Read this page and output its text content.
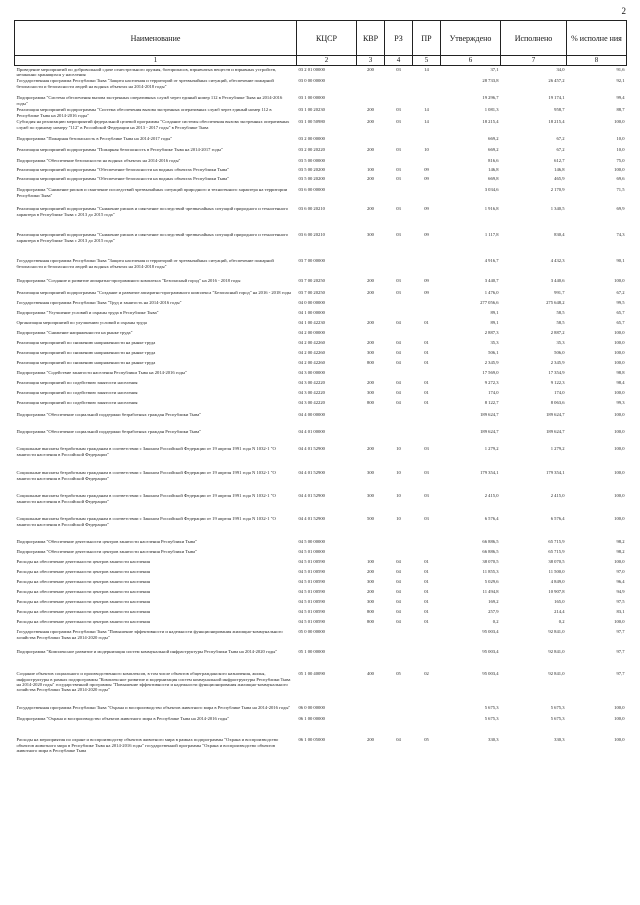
2
Наименование	КЦСР	КВР	РЗ	ПР	Утверждено	Исполнено	% исполне ния
1	2	3	4	5	6	7	8
Проведение мероприятий по добровольной сдаче огнестрельного оружия, боеприпасов, взрывчатых веществ и взрывных устройств, незаконно хранящихся у населения	03 2 01 00000	200	03	14	37,1	34,0	91,6
Государственная программа Республики Тыва "Защита населения и территорий от чрезвычайных ситуаций, обеспечение пожарной безопасности и безопасности людей на водных объектах на 2014-2018 годы"	03 0 00 00000				28 733,8	26 457,2	92,1
Подпрограмма "Система обеспечения вызова экстренных оперативных служб через единый номер 112 в Республике Тыва на 2014-2016 годы"	03 1 00 00000				19 296,7	19 174,1	99,4
Реализация мероприятий подпрограммы "Система обеспечения вызова экстренных оперативных служб через единый номер 112 в Республике Тыва на 2014-2016 годы"	03 1 00 20230	200	03	14	1 081,3	958,7	88,7
Субсидия на реализацию мероприятий федеральной целевой программы "Создание системы обеспечения вызова экстренных оперативных служб по единому номеру "112" в Российской Федерации на 2013 - 2017 годы" в Республике Тыва	03 1 00 50980	200	03	14	18 215,4	18 215,4	100,0
Подпрограмма "Пожарная безопасность в Республике Тыва на 2014-2017 годы"	03 2 00 00000				669,2	67,2	10,0
Реализация мероприятий подпрограммы "Пожарная безопасность в Республике Тыва на 2014-2017 годы"	03 2 00 20220	200	03	10	669,2	67,2	10,0
Подпрограмма "Обеспечение безопасности на водных объектах на 2014-2016 годы"	03 5 00 00000				816,6	612,7	75,0
Реализация мероприятий подпрограммы "Обеспечение безопасности на водных объектах Республики Тыва"	03 5 00 20200	100	03	09	146,8	146,8	100,0
Реализация мероприятий подпрограммы "Обеспечение безопасности на водных объектах Республики Тыва"	03 5 00 20200	200	03	09	669,8	465,9	69,6
Подпрограмма "Снижение рисков и смягчение последствий чрезвычайных ситуаций природного и техногенного характера на территории Республики Тыва"	03 6 00 00000				3 034,6	2 170,9	71,5
Реализация мероприятий подпрограммы "Снижение рисков и смягчение последствий чрезвычайных ситуаций природного и техногенного характера в Республике Тыва с 2013 до 2015 года"	03 6 00 20210	200	03	09	1 916,8	1 340,5	69,9
Реализация мероприятий подпрограммы "Снижение рисков и смягчение последствий чрезвычайных ситуаций природного и техногенного характера в Республике Тыва с 2013 до 2015 года"	03 6 00 20210	300	03	09	1 117,8	830,4	74,3
Государственная программа Республики Тыва "Защита населения и территорий от чрезвычайных ситуаций, обеспечение пожарной безопасности и безопасности людей на водных объектах на 2014-2018 годы"	03 7 00 00000				4 916,7	4 432,3	90,1
Подпрограмма "Создание и развитие аппаратно-программного комплекса "Безопасный город" на 2016 - 2018 годы	03 7 00 20250	200	03	09	3 440,7	3 440,6	100,0
Реализация мероприятий подпрограммы "Создание и развитие аппаратно-программного комплекса "Безопасный город" на 2016 - 2018 годы	03 7 00 20250	200	03	09	1 476,0	991,7	67,2
Государственная программа Республики Тыва "Труд и занятость на 2014-2016 годы"	04 0 00 00000				277 056,6	275 648,2	99,5
Подпрограмма "Улучшение условий и охраны труда в Республике Тыва"	04 1 00 00000				89,1	58,5	65,7
Организация мероприятий по улучшению условий и охраны труда	04 1 00 42230	200	04	01	89,1	58,5	65,7
Подпрограмма "Снижение напряженности на рынке труда"	04 2 00 00000				2 887,3	2 887,2	100,0
Реализация мероприятий по снижению напряженности на рынке труда	04 2 00 42260	200	04	01	35,3	35,3	100,0
Реализация мероприятий по снижению напряженности на рынке труда	04 2 00 42260	300	04	01	506,1	506,0	100,0
Реализация мероприятий по снижению напряженности на рынке труда	04 2 00 42260	800	04	01	2 345,9	2 345,9	100,0
Подпрограмма "Содействие занятости населения Республики Тыва на 2014-2016 годы"	04 3 00 00000				17 569,0	17 354,9	98,8
Реализация мероприятий по содействию занятости населения	04 3 00 42220	200	04	01	9 272,3	9 122,3	98,4
Реализация мероприятий по содействию занятости населения	04 3 00 42220	300	04	01	174,0	174,0	100,0
Реализация мероприятий по содействию занятости населения	04 3 00 42220	800	04	01	8 122,7	8 063,6	99,3
Подпрограмма "Обеспечение социальной поддержки безработных граждан Республики Тыва"	04 4 00 00000				189 624,7	189 624,7	100,0
Подпрограмма "Обеспечение социальной поддержки безработных граждан Республики Тыва"	04 4 01 00000				189 624,7	189 624,7	100,0
Социальные выплаты безработным гражданам в соответствии с Законом Российской Федерации от 19 апреля 1991 года N 1032-1 "О занятости населения в Российской Федерации"	04 4 01 52900	200	10	03	1 279,2	1 279,2	100,0
Социальные выплаты безработным гражданам в соответствии с Законом Российской Федерации от 19 апреля 1991 года N 1032-1 "О занятости населения в Российской Федерации"	04 4 01 52900	300	10	03	179 354,1	179 354,1	100,0
Социальные выплаты безработным гражданам в соответствии с Законом Российской Федерации от 19 апреля 1991 года N 1032-1 "О занятости населения в Российской Федерации"	04 4 01 52900	300	10	03	2 415,0	2 415,0	100,0
Социальные выплаты безработным гражданам в соответствии с Законом Российской Федерации от 19 апреля 1991 года N 1032-1 "О занятости населения в Российской Федерации"	04 4 01 52900	500	10	03	6 576,4	6 576,4	100,0
Подпрограмма "Обеспечение деятельности центров занятости населения Республики Тыва"	04 5 00 00000				66 886,5	65 715,9	98,2
Подпрограмма "Обеспечение деятельности центров занятости населения Республики Тыва"	04 5 01 00000				66 886,5	65 715,9	98,2
Расходы на обеспечение деятельности центров занятости населения	04 5 01 00590	100	04	01	38 070,5	38 070,5	100,0
Расходы на обеспечение деятельности центров занятости населения	04 5 01 00590	200	04	01	11 855,3	11 500,0	97,0
Расходы на обеспечение деятельности центров занятости населения	04 5 01 00590	300	04	01	5 029,6	4 849,0	96,4
Расходы на обеспечение деятельности центров занятости населения	04 5 01 00590	200	04	01	11 494,8	10 907,8	94,9
Расходы на обеспечение деятельности центров занятости населения	04 5 01 00590	300	04	01	169,2	165,0	97,5
Расходы на обеспечение деятельности центров занятости населения	04 5 01 00590	800	04	01	257,9	214,4	83,1
Расходы на обеспечение деятельности центров занятости населения	04 5 01 00590	800	04	01	0,2	0,2	100,0
Государственная программа Республики Тыва "Повышение эффективности и надежности функционирования жилищно-коммунального хозяйства Республики Тыва на 2014-2020 годы"	05 0 00 00000				95 003,4	92 841,0	97,7
Подпрограмма "Комплексное развитие и модернизация систем коммунальной инфраструктуры Республики Тыва на 2014-2020 годы"	05 1 00 00000				95 003,4	92 841,0	97,7
Создание объектов социального и производственного комплексов, в том числе объектов общегражданского назначения, жилья, инфраструктуры в рамках подпрограммы "Комплексное развитие и модернизация систем коммунальной инфраструктуры Республики Тыва на 2014-2020 годы" государственной программы "Повышение эффективности и надежности функционирования жилищно-коммунального хозяйства Республики Тыва на 2014-2020 годы"	05 1 00 40090	400	05	02	95 003,4	92 841,0	97,7
Государственная программа Республики Тыва "Охрана и воспроизводство объектов животного мира в Республике Тыва на 2014-2016 годы"	06 0 00 00000				5 675,3	5 675,3	100,0
Подпрограмма "Охрана и воспроизводство объектов животного мира в Республике Тыва на 2014-2016 годы"	06 1 00 00000				5 675,3	5 675,3	100,0
Расходы на мероприятия по охране и воспроизводству объектов животного мира в рамках подпрограммы "Охрана и воспроизводство объектов животного мира в Республике Тыва на 2014-2016 годы" государственной программы "Охрана и воспроизводство объектов животного мира в Республике Тыва	06 1 00 05000	200	04	05	330,3	330,3	100,0
